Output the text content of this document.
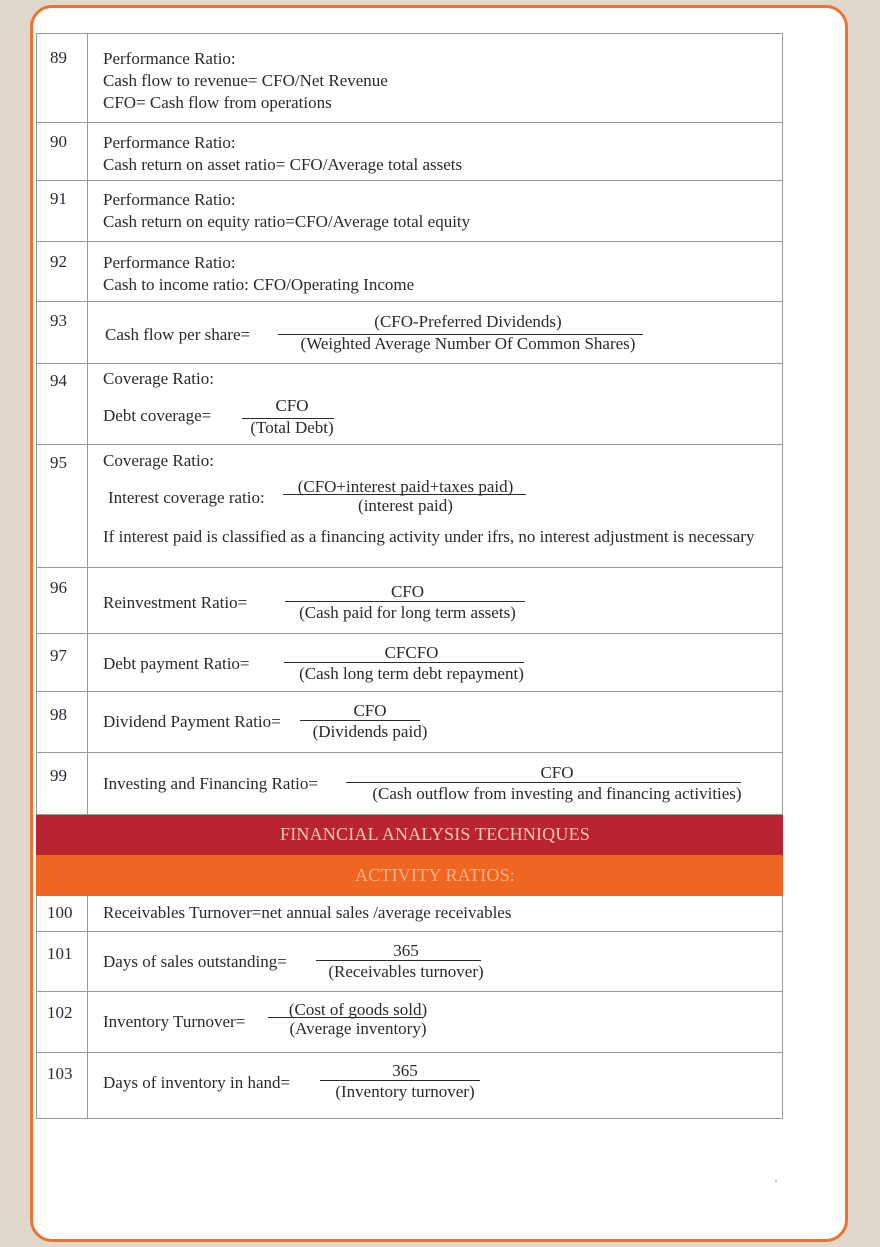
89	Performance Ratio:
Cash flow to revenue= CFO/Net Revenue
CFO= Cash flow from operations

90	Performance Ratio:
Cash return on asset ratio= CFO/Average total assets

91	Performance Ratio:
Cash return on equity ratio=CFO/Average total equity

92	Performance Ratio:
Cash to income ratio: CFO/Operating Income

93	Cash flow per share=
(CFO-Preferred Dividends)
(Weighted Average Number Of Common Shares)

94	Coverage Ratio:
Debt coverage=
CFO
(Total Debt)

95	Coverage Ratio:
Interest coverage ratio:
(CFO+interest paid+taxes paid)
(interest paid)
If interest paid is classified as a financing activity under ifrs, no interest adjustment is necessary

96	Reinvestment Ratio=
CFO
(Cash paid for long term assets)

97	Debt payment Ratio=
CFCFO
(Cash long term debt repayment)

98	Dividend Payment Ratio=
CFO
(Dividends paid)

99	Investing and Financing Ratio=
CFO
(Cash outflow from investing and financing activities)

	FINANCIAL ANALYSIS TECHNIQUES
	ACTIVITY RATIOS:
100	Receivables Turnover=net annual sales /average receivables

101	Days of sales outstanding=
365
(Receivables turnover)

102	Inventory Turnover=
(Cost of goods sold)
(Average inventory)

103	Days of inventory in hand=
365
(Inventory turnover)
